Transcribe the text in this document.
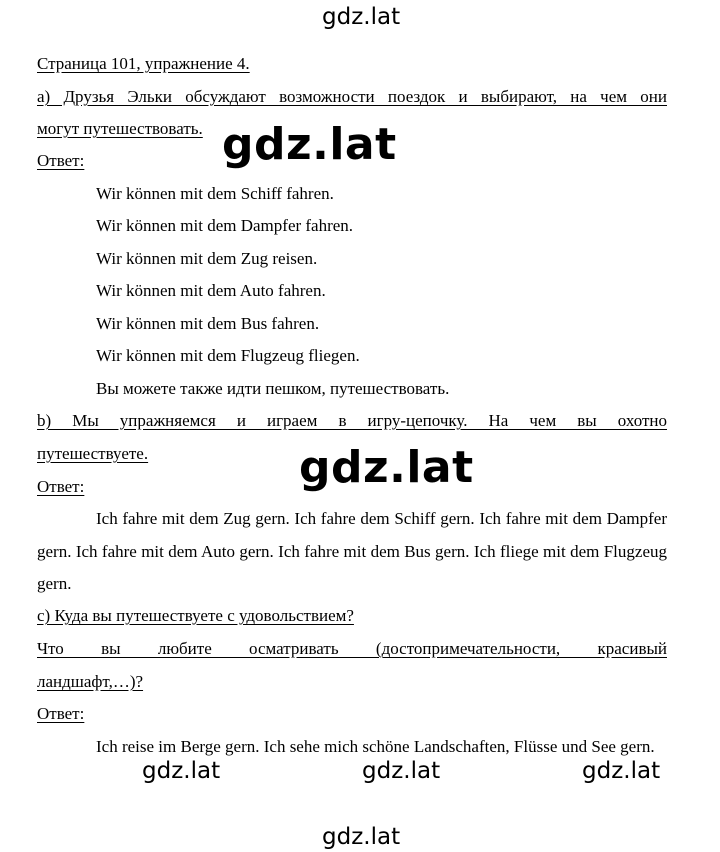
gdz.lat
gdz.lat
gdz.lat
gdz.lat	gdz.lat	gdz.lat
gdz.lat
Страница 101, упражнение 4.
а) Друзья Эльки обсуждают возможности поездок и выбирают, на чем они
могут путешествовать.
Ответ:
Wir können mit dem Schiff fahren.
Wir können mit dem Dampfer fahren.
Wir können mit dem Zug reisen.
Wir können mit dem Auto fahren.
Wir können mit dem Bus fahren.
Wir können mit dem Flugzeug fliegen.
Вы можете также идти пешком, путешествовать.
b) Мы упражняемся и играем в игру-цепочку. На чем вы охотно
путешествуете.
Ответ:
Ich fahre mit dem Zug gern. Ich fahre dem Schiff gern. Ich fahre mit dem Dampfer gern. Ich fahre mit dem Auto gern. Ich fahre mit dem Bus gern. Ich fliege mit dem Flugzeug gern.
с) Куда вы путешествуете с удовольствием?
Что вы любите осматривать (достопримечательности, красивый
ландшафт,…)?
Ответ:
Ich reise im Berge gern. Ich sehe mich schöne Landschaften, Flüsse und See gern.
